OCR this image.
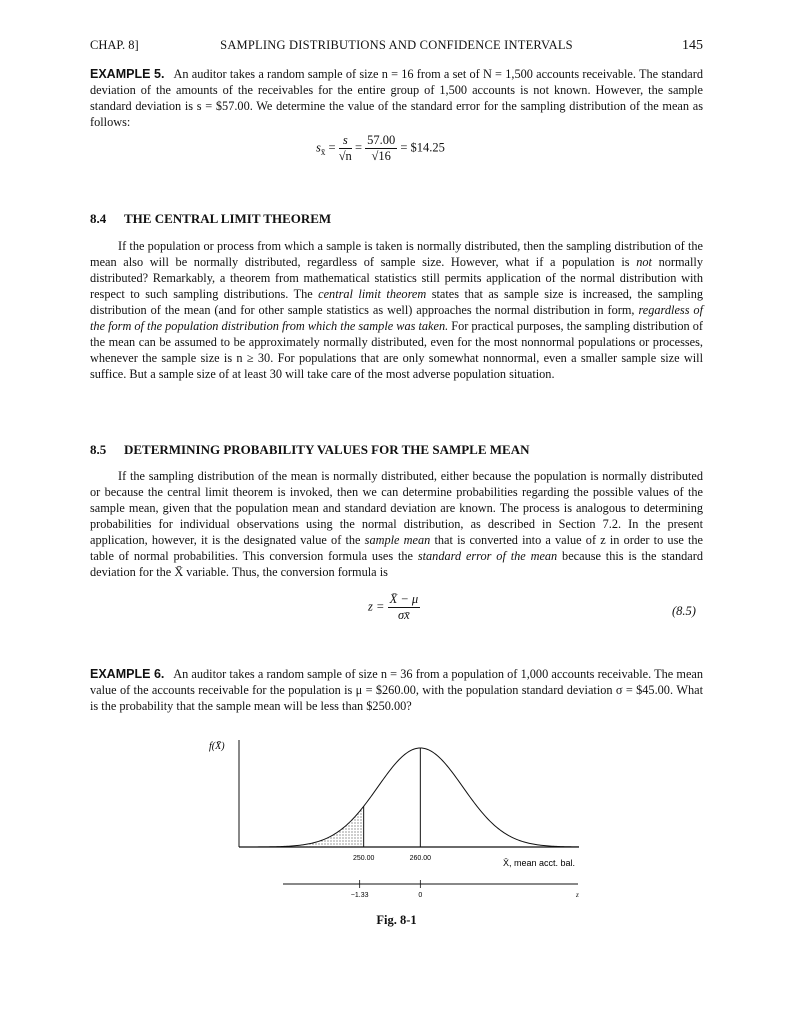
CHAP. 8]	SAMPLING DISTRIBUTIONS AND CONFIDENCE INTERVALS	145

EXAMPLE 5. An auditor takes a random sample of size n = 16 from a set of N = 1,500 accounts receivable. The standard deviation of the amounts of the receivables for the entire group of 1,500 accounts is not known. However, the sample standard deviation is s = $57.00. We determine the value of the standard error for the sampling distribution of the mean as follows:

$s_{x̄} = \frac{s}{√n} = \frac{57.00}{√16}$ = $14.25
8.4 THE CENTRAL LIMIT THEOREM

If the population or process from which a sample is taken is normally distributed, then the sampling distribution of the mean also will be normally distributed, regardless of sample size. However, what if a population is not normally distributed? Remarkably, a theorem from mathematical statistics still permits application of the normal distribution with respect to such sampling distributions. The central limit theorem states that as sample size is increased, the sampling distribution of the mean (and for other sample statistics as well) approaches the normal distribution in form, regardless of the form of the population distribution from which the sample was taken. For practical purposes, the sampling distribution of the mean can be assumed to be approximately normally distributed, even for the most nonnormal populations or processes, whenever the sample size is n ≥ 30. For populations that are only somewhat nonnormal, even a smaller sample size will suffice. But a sample size of at least 30 will take care of the most adverse population situation.

8.5 DETERMINING PROBABILITY VALUES FOR THE SAMPLE MEAN

If the sampling distribution of the mean is normally distributed, either because the population is normally distributed or because the central limit theorem is invoked, then we can determine probabilities regarding the possible values of the sample mean, given that the population mean and standard deviation are known. The process is analogous to determining probabilities for individual observations using the normal distribution, as described in Section 7.2. In the present application, however, it is the designated value of the sample mean that is converted into a value of z in order to use the table of normal probabilities. This conversion formula uses the standard error of the mean because this is the standard deviation for the X̄ variable. Thus, the conversion formula is

$z = \frac{X̄ - \mu}{\sigma x̄}$	(8.5)

EXAMPLE 6. An auditor takes a random sample of size n = 36 from a population of 1,000 accounts receivable. The mean value of the accounts receivable for the population is μ = $260.00, with the population standard deviation σ = $45.00. What is the probability that the sample mean will be less than $250.00?

f(X̄)
250.00	260.00	X̄, mean acct. bal.
−1.33	0	z
Fig. 8-1
